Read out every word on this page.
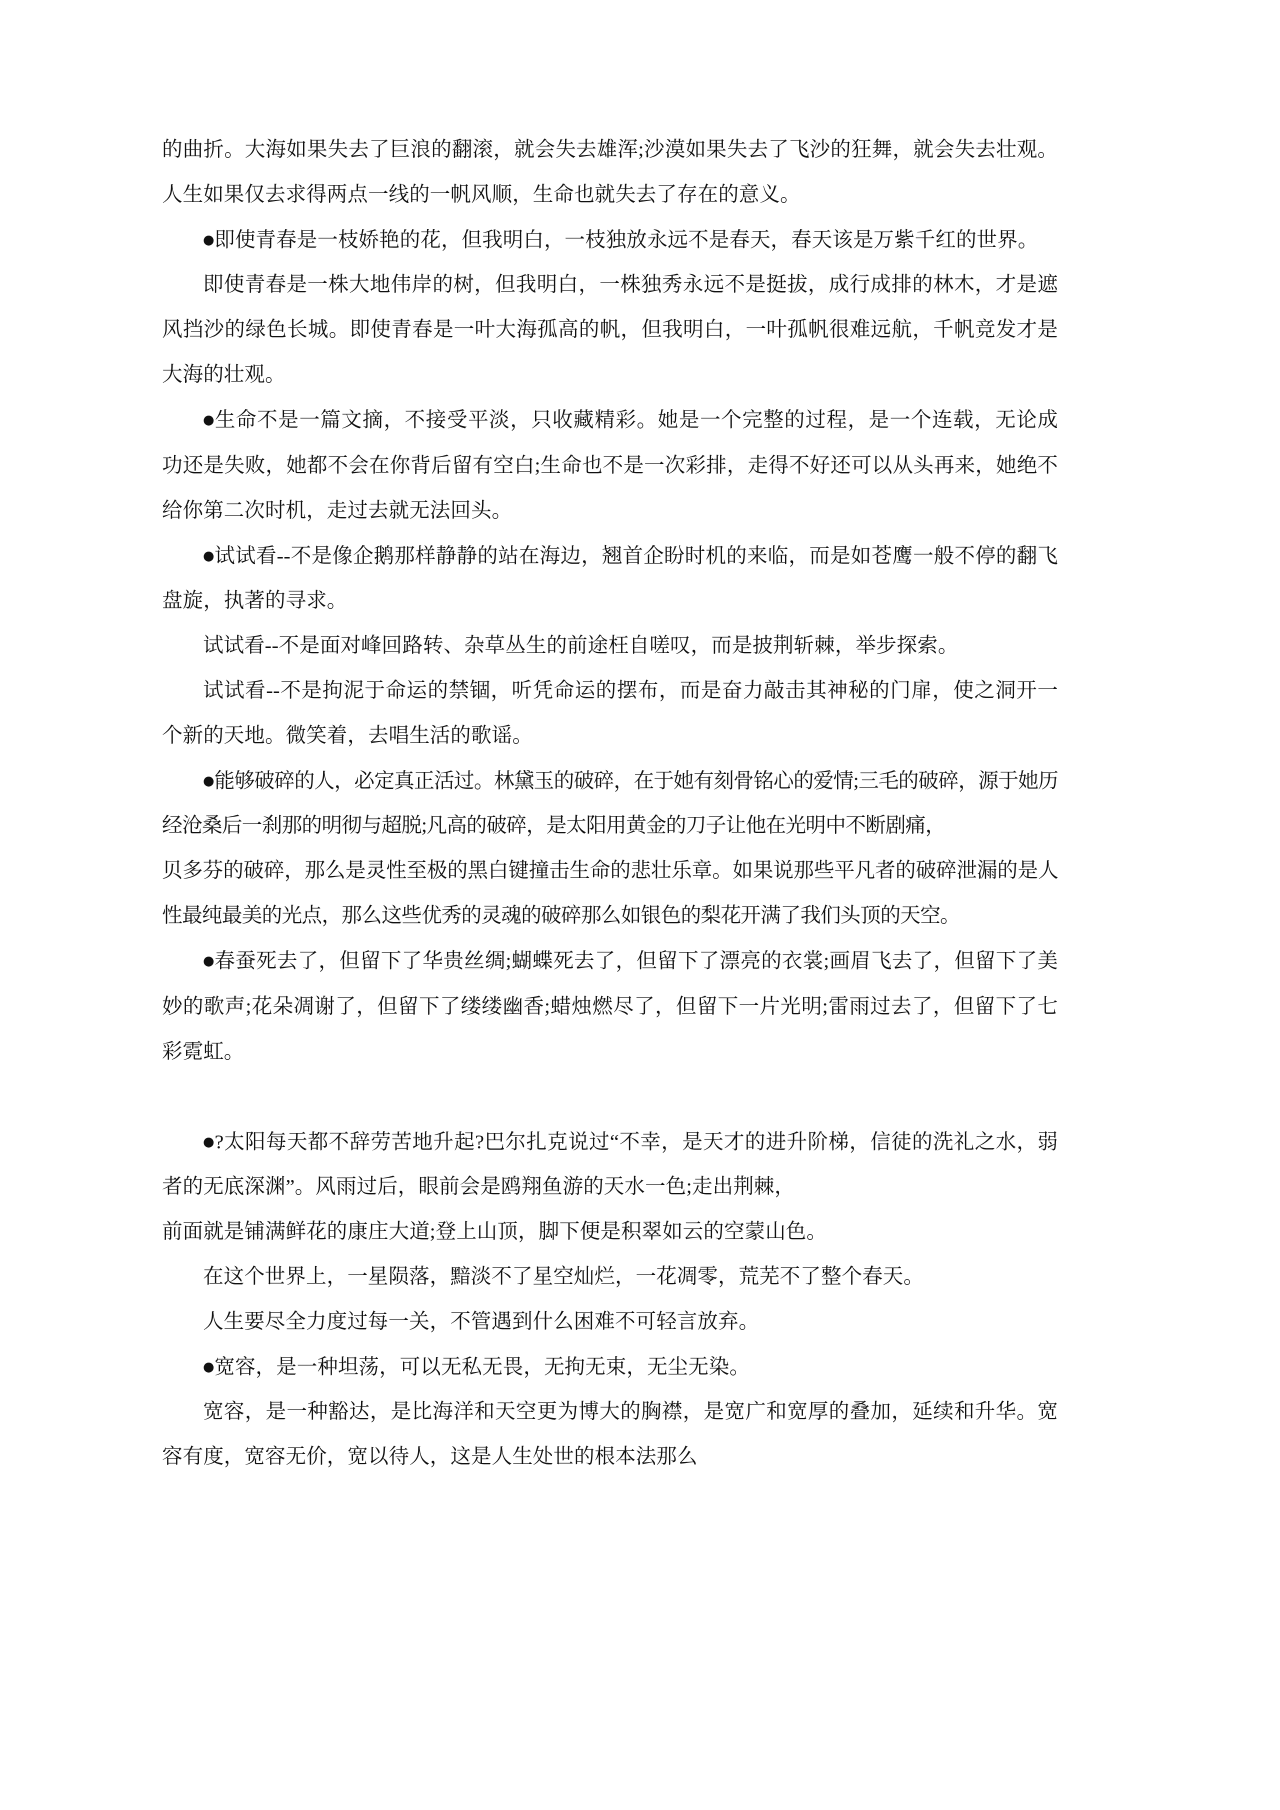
的曲折。大海如果失去了巨浪的翻滚，就会失去雄浑;沙漠如果失去了飞沙的狂舞，就会失去壮观。人生如果仅去求得两点一线的一帆风顺，生命也就失去了存在的意义。

●即使青春是一枝娇艳的花，但我明白，一枝独放永远不是春天，春天该是万紫千红的世界。

即使青春是一株大地伟岸的树，但我明白，一株独秀永远不是挺拔，成行成排的林木，才是遮风挡沙的绿色长城。即使青春是一叶大海孤高的帆，但我明白，一叶孤帆很难远航，千帆竞发才是大海的壮观。

●生命不是一篇文摘，不接受平淡，只收藏精彩。她是一个完整的过程，是一个连载，无论成功还是失败，她都不会在你背后留有空白;生命也不是一次彩排，走得不好还可以从头再来，她绝不给你第二次时机，走过去就无法回头。

●试试看--不是像企鹅那样静静的站在海边，翘首企盼时机的来临，而是如苍鹰一般不停的翻飞盘旋，执著的寻求。

试试看--不是面对峰回路转、杂草丛生的前途枉自嗟叹，而是披荆斩棘，举步探索。

试试看--不是拘泥于命运的禁锢，听凭命运的摆布，而是奋力敲击其神秘的门扉，使之洞开一个新的天地。微笑着，去唱生活的歌谣。

●能够破碎的人，必定真正活过。林黛玉的破碎，在于她有刻骨铭心的爱情;三毛的破碎，源于她历经沧桑后一刹那的明彻与超脱;凡高的破碎，是太阳用黄金的刀子让他在光明中不断剧痛，

贝多芬的破碎，那么是灵性至极的黑白键撞击生命的悲壮乐章。如果说那些平凡者的破碎泄漏的是人性最纯最美的光点，那么这些优秀的灵魂的破碎那么如银色的梨花开满了我们头顶的天空。

●春蚕死去了，但留下了华贵丝绸;蝴蝶死去了，但留下了漂亮的衣裳;画眉飞去了，但留下了美妙的歌声;花朵凋谢了，但留下了缕缕幽香;蜡烛燃尽了，但留下一片光明;雷雨过去了，但留下了七彩霓虹。

●?太阳每天都不辞劳苦地升起?巴尔扎克说过“不幸，是天才的进升阶梯，信徒的洗礼之水，弱者的无底深渊”。风雨过后，眼前会是鸥翔鱼游的天水一色;走出荆棘，

前面就是铺满鲜花的康庄大道;登上山顶，脚下便是积翠如云的空蒙山色。

在这个世界上，一星陨落，黯淡不了星空灿烂，一花凋零，荒芜不了整个春天。

人生要尽全力度过每一关，不管遇到什么困难不可轻言放弃。

●宽容，是一种坦荡，可以无私无畏，无拘无束，无尘无染。

宽容，是一种豁达，是比海洋和天空更为博大的胸襟，是宽广和宽厚的叠加，延续和升华。宽容有度，宽容无价，宽以待人，这是人生处世的根本法那么
